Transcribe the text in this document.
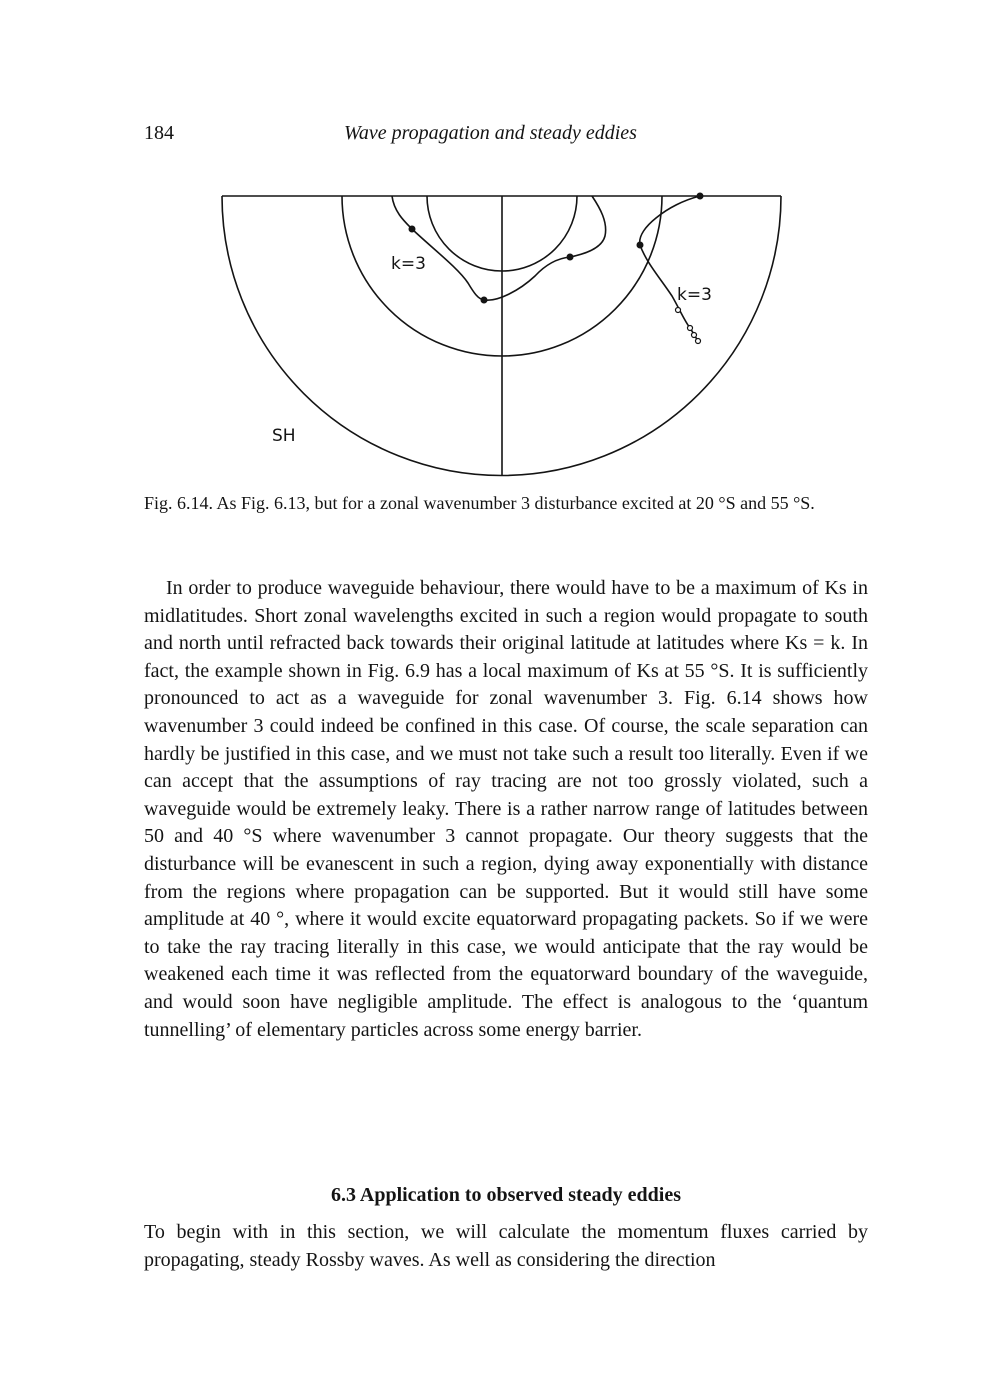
184	Wave propagation and steady eddies
k=3
k=3
SH
Fig. 6.14. As Fig. 6.13, but for a zonal wavenumber 3 disturbance excited at 20 °S and 55 °S.

In order to produce waveguide behaviour, there would have to be a maximum of Ks in midlatitudes. Short zonal wavelengths excited in such a region would propagate to south and north until refracted back towards their original latitude at latitudes where Ks = k. In fact, the example shown in Fig. 6.9 has a local maximum of Ks at 55 °S. It is sufficiently pronounced to act as a waveguide for zonal wavenumber 3. Fig. 6.14 shows how wavenumber 3 could indeed be confined in this case. Of course, the scale separation can hardly be justified in this case, and we must not take such a result too literally. Even if we can accept that the assumptions of ray tracing are not too grossly violated, such a waveguide would be extremely leaky. There is a rather narrow range of latitudes between 50 and 40 °S where wavenumber 3 cannot propagate. Our theory suggests that the disturbance will be evanescent in such a region, dying away exponentially with distance from the regions where propagation can be supported. But it would still have some amplitude at 40 °, where it would excite equatorward propagating packets. So if we were to take the ray tracing literally in this case, we would anticipate that the ray would be weakened each time it was reflected from the equatorward boundary of the waveguide, and would soon have negligible amplitude. The effect is analogous to the ‘quantum tunnelling’ of elementary particles across some energy barrier.

6.3 Application to observed steady eddies

To begin with in this section, we will calculate the momentum fluxes carried by propagating, steady Rossby waves. As well as considering the direction
